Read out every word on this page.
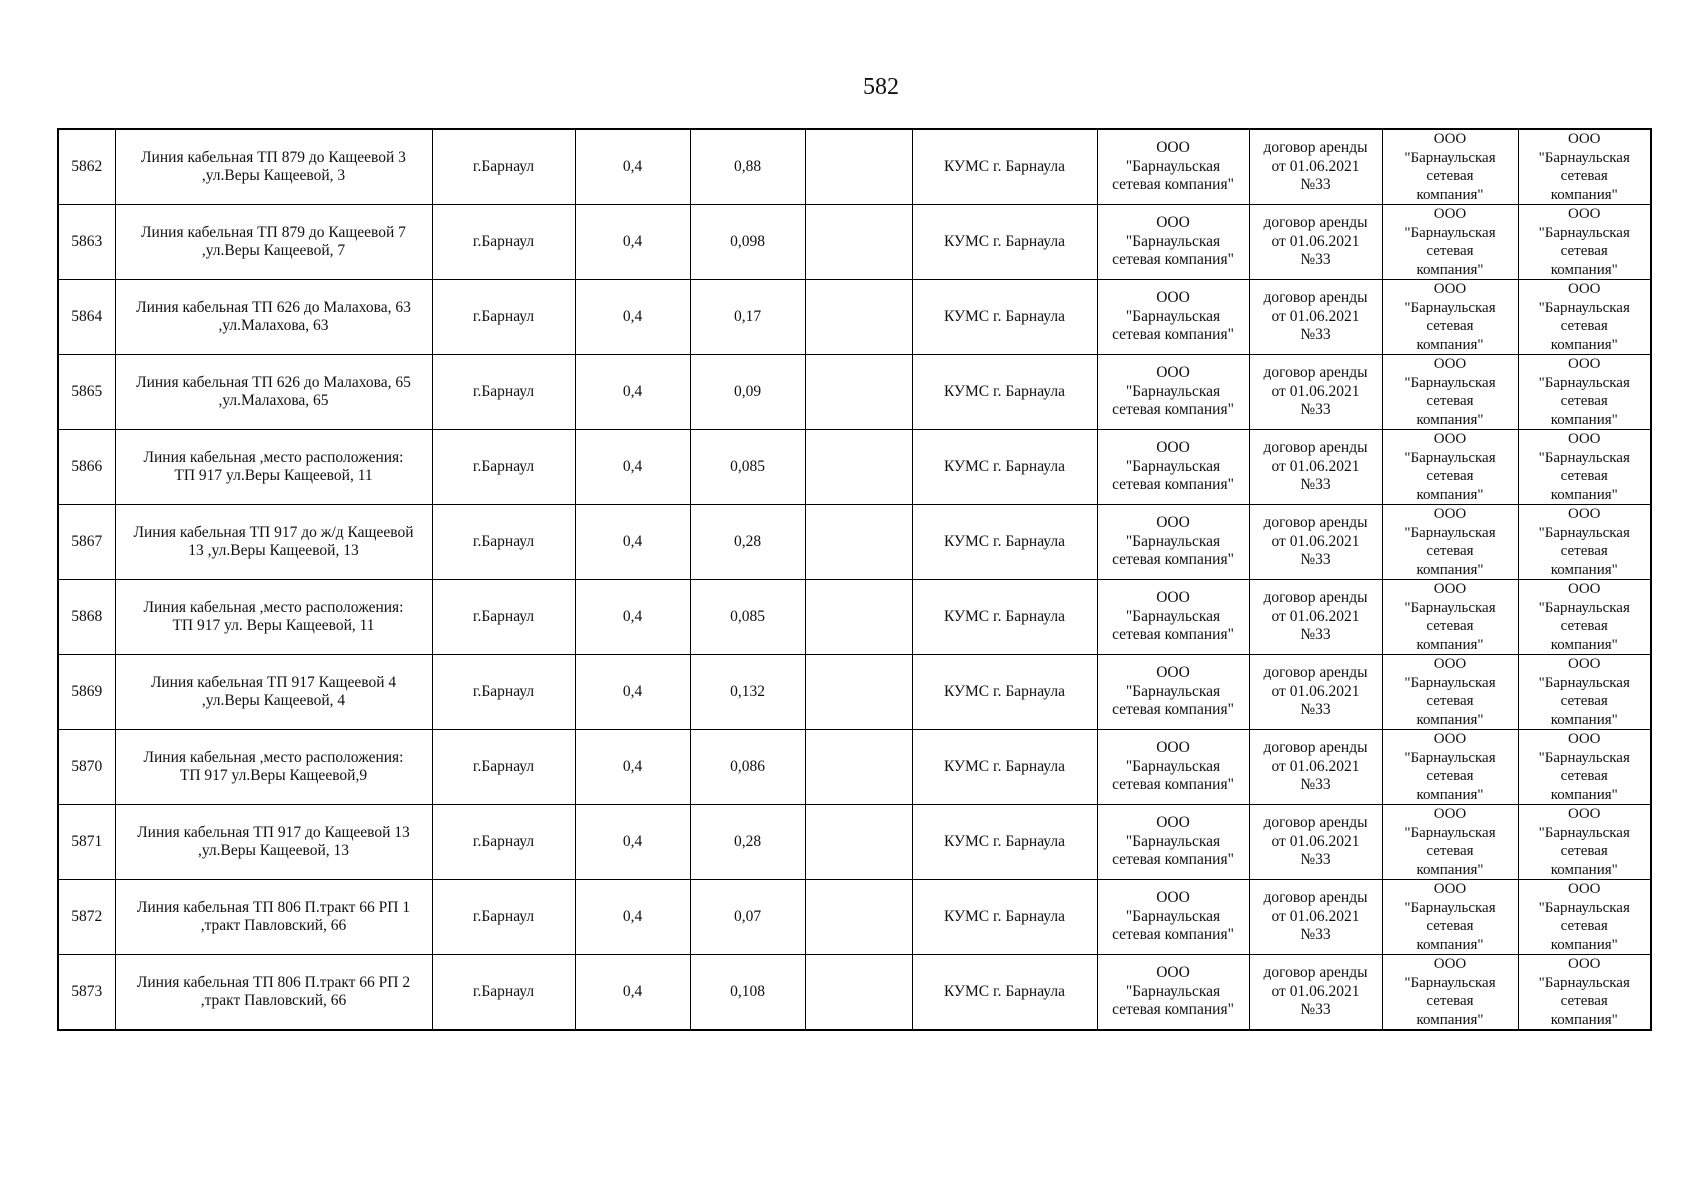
582
5862	Линия кабельная ТП 879 до Кащеевой 3
,ул.Веры Кащеевой, 3	г.Барнаул	0,4	0,88		КУМС г. Барнаула	ООО
"Барнаульская
сетевая компания"	договор аренды
от 01.06.2021
№33	ООО
"Барнаульская
сетевая
компания"	ООО
"Барнаульская
сетевая
компания"
5863	Линия кабельная ТП 879 до Кащеевой 7
,ул.Веры Кащеевой, 7	г.Барнаул	0,4	0,098		КУМС г. Барнаула	ООО
"Барнаульская
сетевая компания"	договор аренды
от 01.06.2021
№33	ООО
"Барнаульская
сетевая
компания"	ООО
"Барнаульская
сетевая
компания"
5864	Линия кабельная ТП 626 до Малахова, 63
,ул.Малахова, 63	г.Барнаул	0,4	0,17		КУМС г. Барнаула	ООО
"Барнаульская
сетевая компания"	договор аренды
от 01.06.2021
№33	ООО
"Барнаульская
сетевая
компания"	ООО
"Барнаульская
сетевая
компания"
5865	Линия кабельная ТП 626 до Малахова, 65
,ул.Малахова, 65	г.Барнаул	0,4	0,09		КУМС г. Барнаула	ООО
"Барнаульская
сетевая компания"	договор аренды
от 01.06.2021
№33	ООО
"Барнаульская
сетевая
компания"	ООО
"Барнаульская
сетевая
компания"
5866	Линия кабельная ,место расположения:
ТП 917 ул.Веры Кащеевой, 11	г.Барнаул	0,4	0,085		КУМС г. Барнаула	ООО
"Барнаульская
сетевая компания"	договор аренды
от 01.06.2021
№33	ООО
"Барнаульская
сетевая
компания"	ООО
"Барнаульская
сетевая
компания"
5867	Линия кабельная ТП 917 до ж/д Кащеевой
13 ,ул.Веры Кащеевой, 13	г.Барнаул	0,4	0,28		КУМС г. Барнаула	ООО
"Барнаульская
сетевая компания"	договор аренды
от 01.06.2021
№33	ООО
"Барнаульская
сетевая
компания"	ООО
"Барнаульская
сетевая
компания"
5868	Линия кабельная ,место расположения:
ТП 917 ул. Веры Кащеевой, 11	г.Барнаул	0,4	0,085		КУМС г. Барнаула	ООО
"Барнаульская
сетевая компания"	договор аренды
от 01.06.2021
№33	ООО
"Барнаульская
сетевая
компания"	ООО
"Барнаульская
сетевая
компания"
5869	Линия кабельная ТП 917 Кащеевой 4
,ул.Веры Кащеевой, 4	г.Барнаул	0,4	0,132		КУМС г. Барнаула	ООО
"Барнаульская
сетевая компания"	договор аренды
от 01.06.2021
№33	ООО
"Барнаульская
сетевая
компания"	ООО
"Барнаульская
сетевая
компания"
5870	Линия кабельная ,место расположения:
ТП 917 ул.Веры Кащеевой,9	г.Барнаул	0,4	0,086		КУМС г. Барнаула	ООО
"Барнаульская
сетевая компания"	договор аренды
от 01.06.2021
№33	ООО
"Барнаульская
сетевая
компания"	ООО
"Барнаульская
сетевая
компания"
5871	Линия кабельная ТП 917 до Кащеевой 13
,ул.Веры Кащеевой, 13	г.Барнаул	0,4	0,28		КУМС г. Барнаула	ООО
"Барнаульская
сетевая компания"	договор аренды
от 01.06.2021
№33	ООО
"Барнаульская
сетевая
компания"	ООО
"Барнаульская
сетевая
компания"
5872	Линия кабельная ТП 806 П.тракт 66 РП 1
,тракт Павловский, 66	г.Барнаул	0,4	0,07		КУМС г. Барнаула	ООО
"Барнаульская
сетевая компания"	договор аренды
от 01.06.2021
№33	ООО
"Барнаульская
сетевая
компания"	ООО
"Барнаульская
сетевая
компания"
5873	Линия кабельная ТП 806 П.тракт 66 РП 2
,тракт Павловский, 66	г.Барнаул	0,4	0,108		КУМС г. Барнаула	ООО
"Барнаульская
сетевая компания"	договор аренды
от 01.06.2021
№33	ООО
"Барнаульская
сетевая
компания"	ООО
"Барнаульская
сетевая
компания"
